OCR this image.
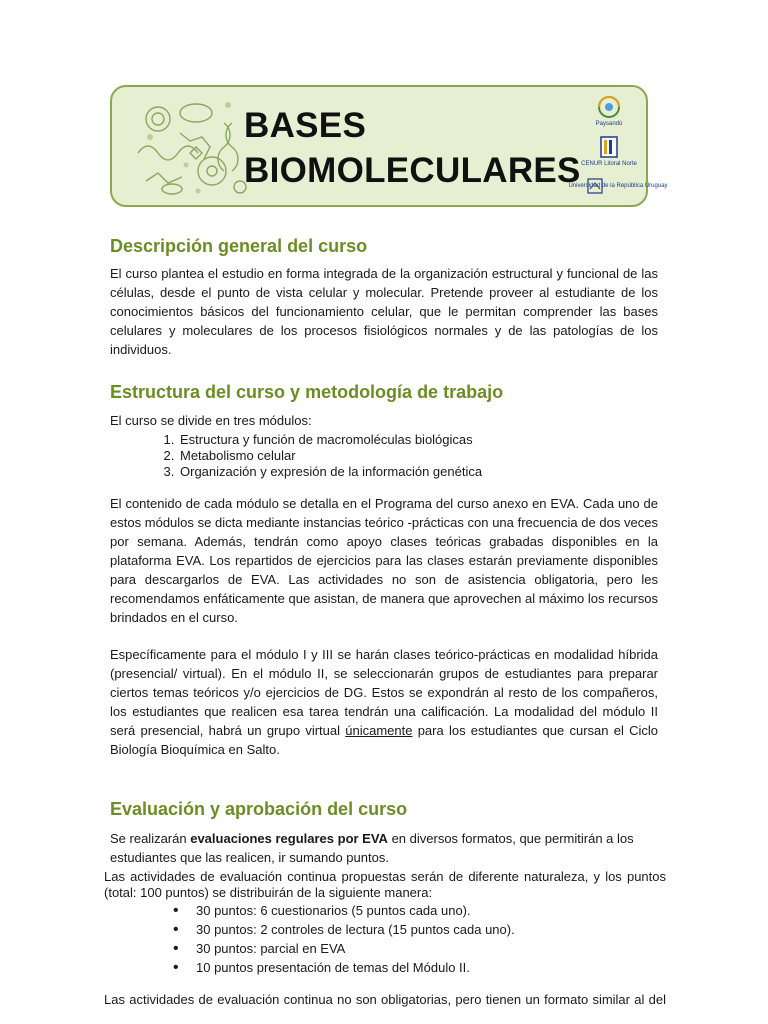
BASES
BIOMOLECULARES
Paysandú
CENUR Litoral Norte
Universidad de la República Uruguay
Descripción general del curso

El curso plantea el estudio en forma integrada de la organización estructural y funcional de las células, desde el punto de vista celular y molecular. Pretende proveer al estudiante de los conocimientos básicos del funcionamiento celular, que le permitan comprender las bases celulares y moleculares de los procesos fisiológicos normales y de las patologías de los individuos.

Estructura del curso y metodología de trabajo

El curso se divide en tres módulos:

1. Estructura y función de macromoléculas biológicas
2. Metabolismo celular
3. Organización y expresión de la información genética

El contenido de cada módulo se detalla en el Programa del curso anexo en EVA. Cada uno de estos módulos se dicta mediante instancias teórico -prácticas con una frecuencia de dos veces por semana. Además, tendrán como apoyo clases teóricas grabadas disponibles en la plataforma EVA. Los repartidos de ejercicios para las clases estarán previamente disponibles para descargarlos de EVA. Las actividades no son de asistencia obligatoria, pero les recomendamos enfáticamente que asistan, de manera que aprovechen al máximo los recursos brindados en el curso.

Específicamente para el módulo I y III se harán clases teórico-prácticas en modalidad híbrida (presencial/ virtual). En el módulo II, se seleccionarán grupos de estudiantes para preparar ciertos temas teóricos y/o ejercicios de DG. Estos se expondrán al resto de los compañeros, los estudiantes que realicen esa tarea tendrán una calificación. La modalidad del módulo II será presencial, habrá un grupo virtual únicamente para los estudiantes que cursan el Ciclo Biología Bioquímica en Salto.

Evaluación y aprobación del curso

Se realizarán evaluaciones regulares por EVA en diversos formatos, que permitirán a los

estudiantes que las realicen, ir sumando puntos.

Las actividades de evaluación continua propuestas serán de diferente naturaleza, y los puntos

(total: 100 puntos) se distribuirán de la siguiente manera:

• 30 puntos: 6 cuestionarios (5 puntos cada uno).
• 30 puntos: 2 controles de lectura (15 puntos cada uno).
• 30 puntos: parcial en EVA
• 10 puntos presentación de temas del Módulo II.

Las actividades de evaluación continua no son obligatorias, pero tienen un formato similar al del
